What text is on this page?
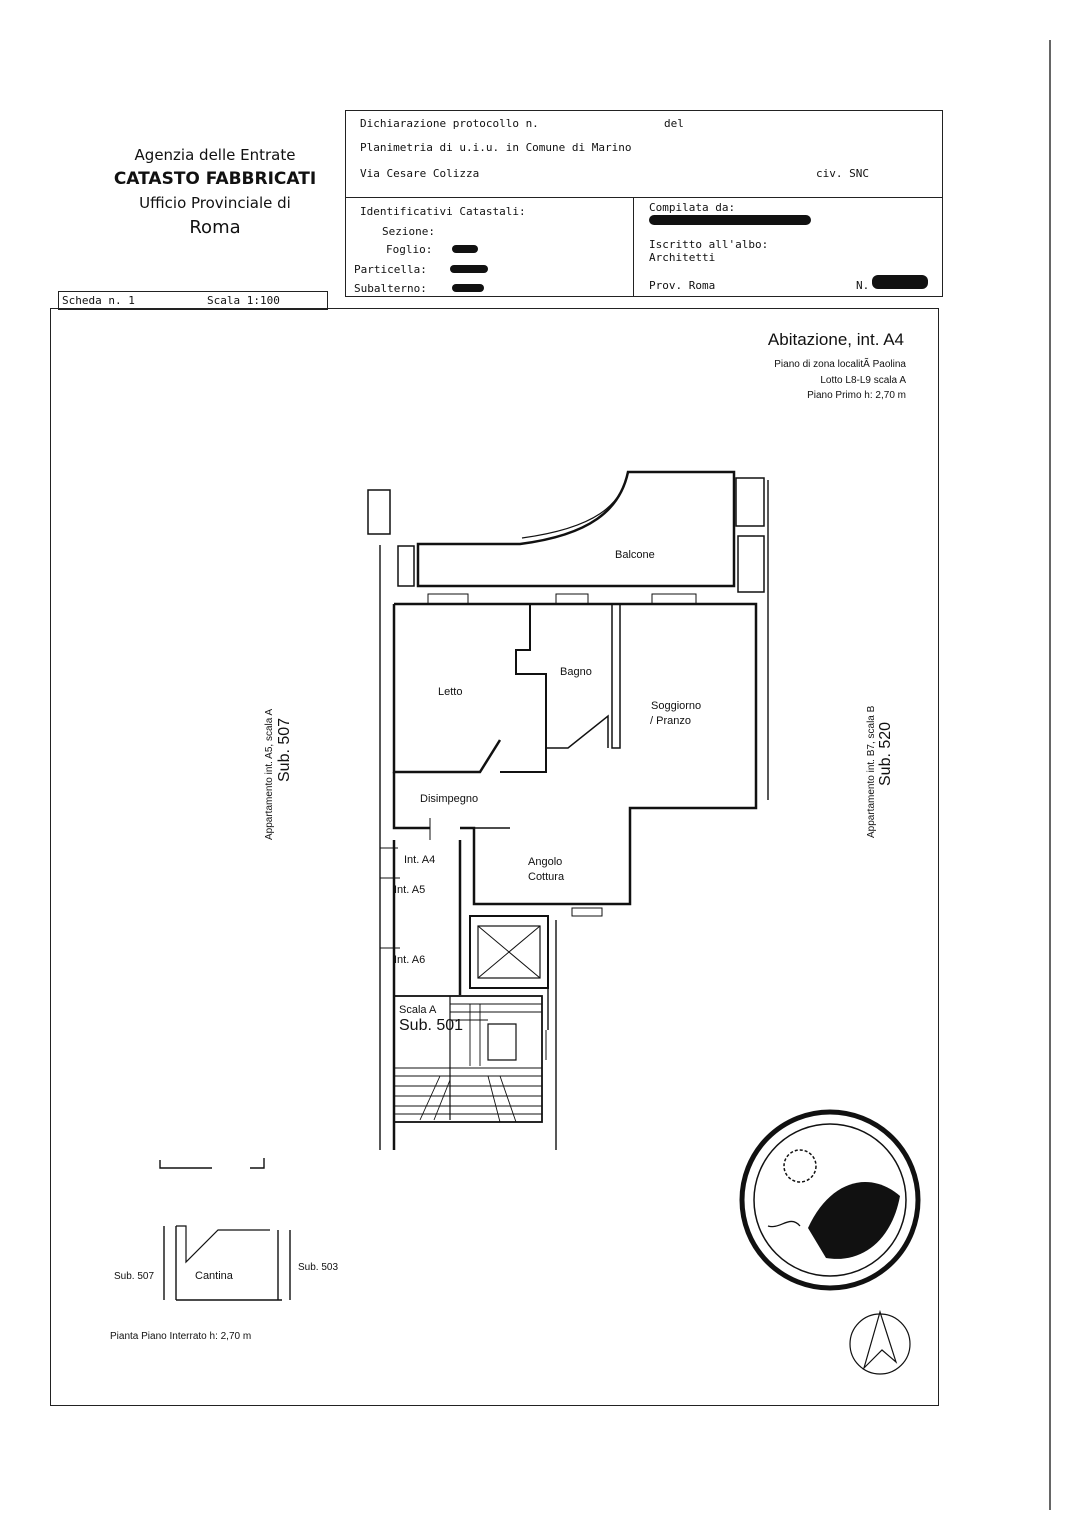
Agenzia delle Entrate
CATASTO FABBRICATI
Ufficio Provinciale di
Roma
Dichiarazione protocollo n.	del
Planimetria di u.i.u. in Comune di Marino
Via Cesare Colizza	civ. SNC
Identificativi Catastali:
Sezione:
Foglio:
Particella:
Subalterno:
Compilata da:
Iscritto all'albo:
Architetti
Prov. Roma	N.
Scheda n. 1	Scala 1:100
Abitazione, int. A4
Piano di zona localitÃ Paolina
Lotto L8-L9 scala A
Piano Primo h: 2,70 m
Appartamento int. A5, scala A Sub. 507	Appartamento int. B7, scala B Sub. 520
Balcone
Letto
Bagno
Soggiorno
/ Pranzo
Disimpegno
Angolo
Cottura
Int. A4
Int. A5
Int. A6
Scala A
Sub. 501
Sub. 507	Cantina
Sub. 503
Pianta Piano Interrato h: 2,70 m
